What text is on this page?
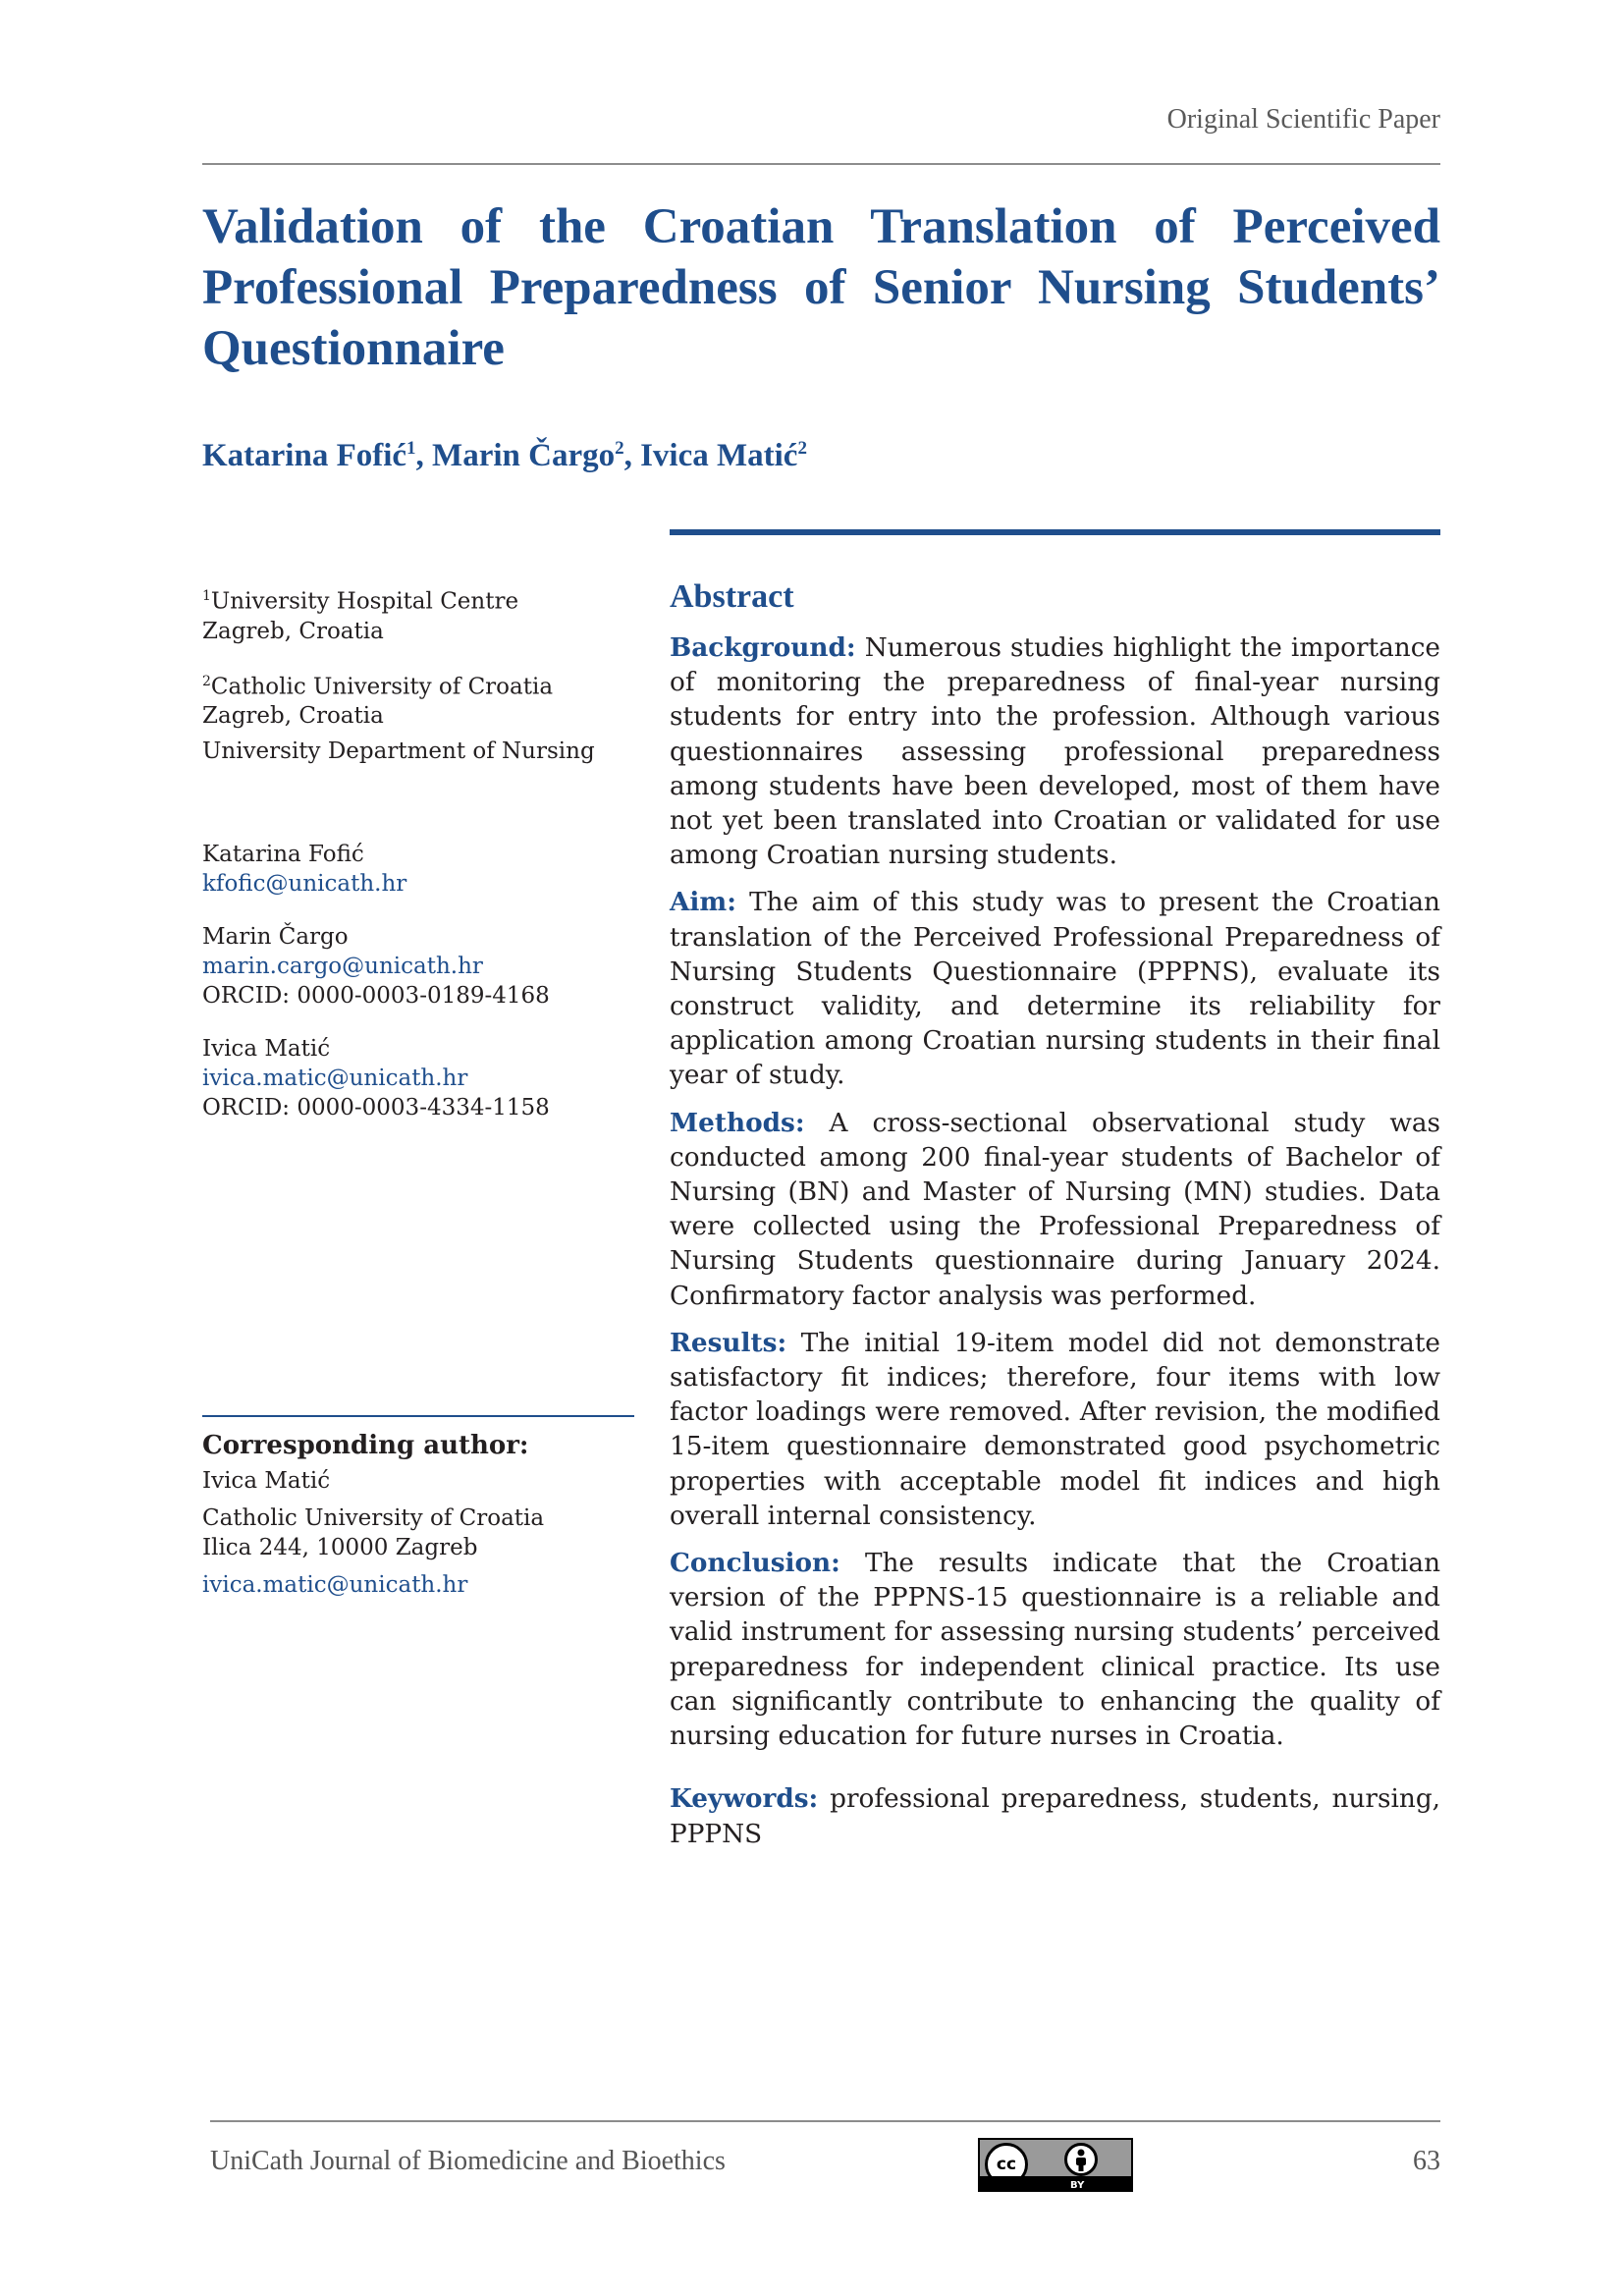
Original Scientific Paper
Validation of the Croatian Translation of Perceived Professional Preparedness of Senior Nursing Students’ Questionnaire

Katarina Fofić$^1$, Marin Čargo$^2$, Ivica Matić$^2$

$^1$University Hospital Centre

Zagreb, Croatia

$^2$Catholic University of Croatia

Zagreb, Croatia

University Department of Nursing

Katarina Fofić

kfofic@unicath.hr

Marin Čargo

marin.cargo@unicath.hr

ORCID: 0000-0003-0189-4168

Ivica Matić

ivica.matic@unicath.hr

ORCID: 0000-0003-4334-1158

Corresponding author:

Ivica Matić

Catholic University of Croatia

Ilica 244, 10000 Zagreb

ivica.matic@unicath.hr

Abstract

Background: Numerous studies highlight the importance of monitoring the preparedness of final-year nursing students for entry into the profession. Although various questionnaires assessing professional preparedness among students have been developed, most of them have not yet been translated into Croatian or validated for use among Croatian nursing students.

Aim: The aim of this study was to present the Croatian translation of the Perceived Professional Preparedness of Nursing Students Questionnaire (PPPNS), evaluate its construct validity, and determine its reliability for application among Croatian nursing students in their final year of study.

Methods: A cross-sectional observational study was conducted among 200 final-year students of Bachelor of Nursing (BN) and Master of Nursing (MN) studies. Data were collected using the Professional Preparedness of Nursing Students questionnaire during January 2024. Confirmatory factor analysis was performed.

Results: The initial 19-item model did not demonstrate satisfactory fit indices; therefore, four items with low factor loadings were removed. After revision, the modified 15-item questionnaire demonstrated good psychometric properties with acceptable model fit indices and high overall internal consistency.

Conclusion: The results indicate that the Croatian version of the PPPNS-15 questionnaire is a reliable and valid instrument for assessing nursing students’ perceived preparedness for independent clinical practice. Its use can significantly contribute to enhancing the quality of nursing education for future nurses in Croatia.

Keywords: professional preparedness, students, nursing, PPPNS

UniCath Journal of Biomedicine and Bioethics	cc
BY
63
